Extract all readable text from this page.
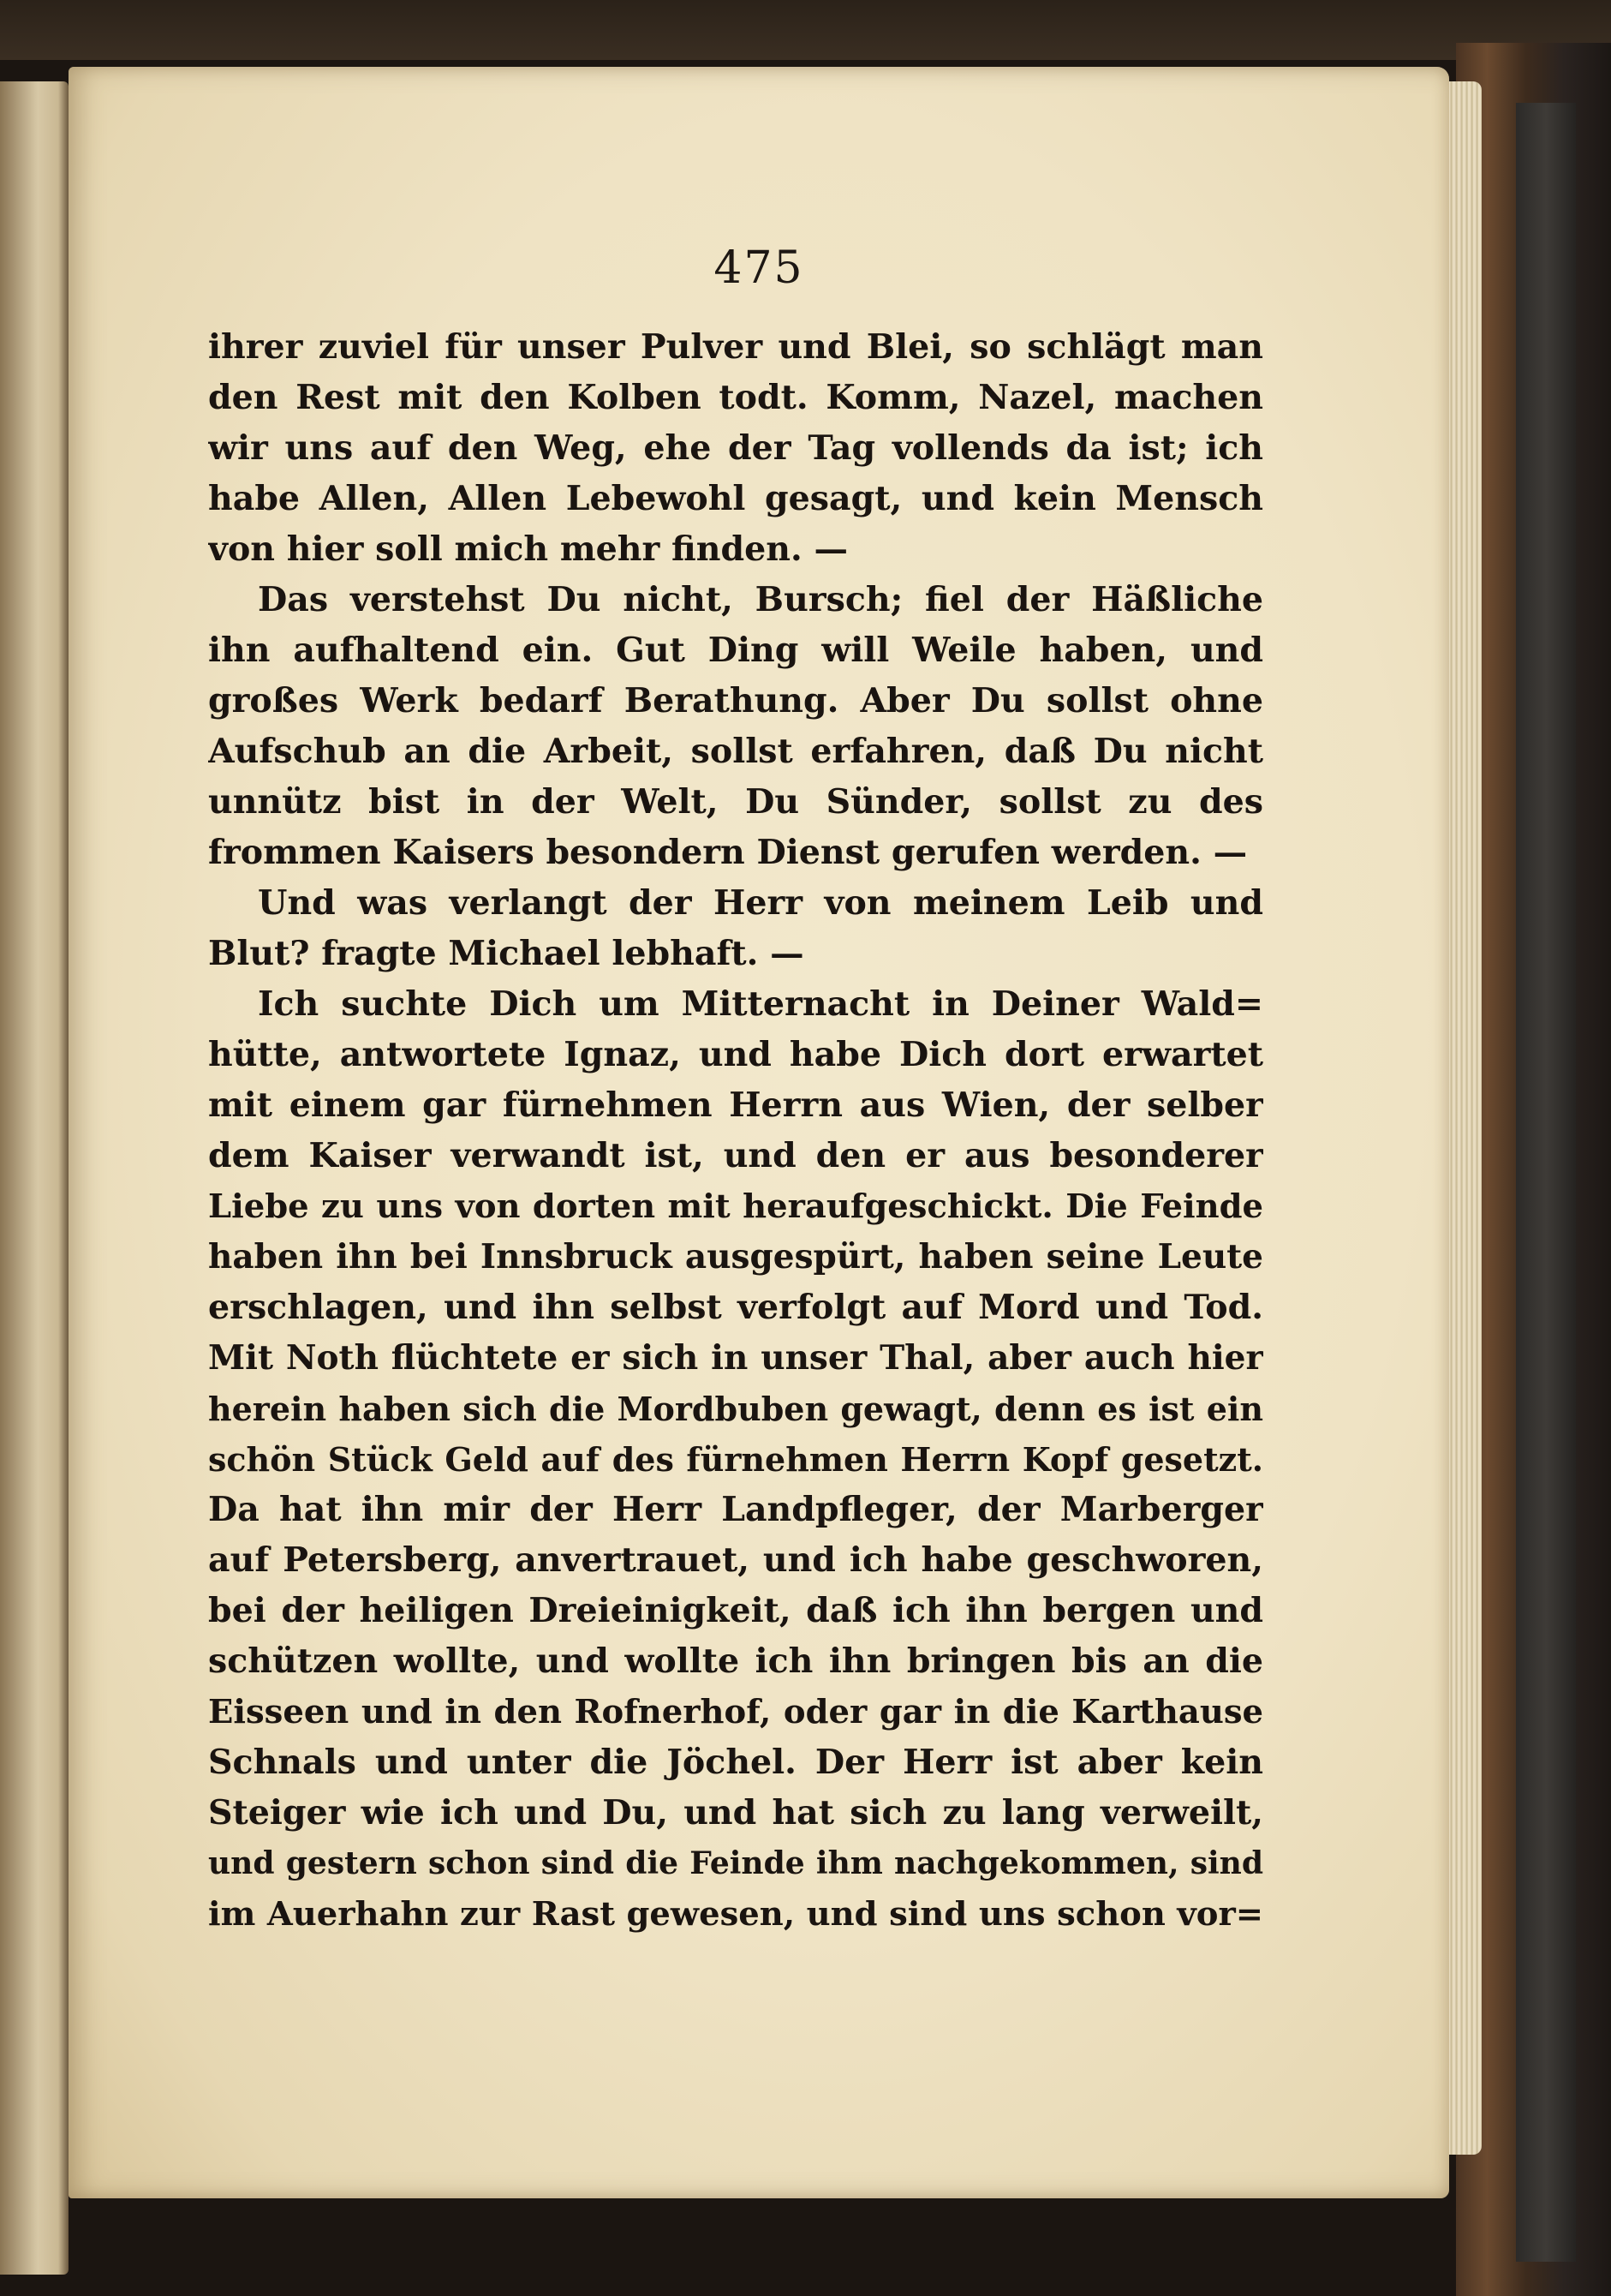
475
ihrer zuviel für unser Pulver und Blei, so schlägt man
den Rest mit den Kolben todt. Komm, Nazel, machen
wir uns auf den Weg, ehe der Tag vollends da ist; ich
habe Allen, Allen Lebewohl gesagt, und kein Mensch
von hier soll mich mehr finden. —
Das verstehst Du nicht, Bursch; fiel der Häßliche
ihn aufhaltend ein. Gut Ding will Weile haben, und
großes Werk bedarf Berathung. Aber Du sollst ohne
Aufschub an die Arbeit, sollst erfahren, daß Du nicht
unnütz bist in der Welt, Du Sünder, sollst zu des
frommen Kaisers besondern Dienst gerufen werden. —
Und was verlangt der Herr von meinem Leib und
Blut? fragte Michael lebhaft. —
Ich suchte Dich um Mitternacht in Deiner Wald=
hütte, antwortete Ignaz, und habe Dich dort erwartet
mit einem gar fürnehmen Herrn aus Wien, der selber
dem Kaiser verwandt ist, und den er aus besonderer
Liebe zu uns von dorten mit heraufgeschickt. Die Feinde
haben ihn bei Innsbruck ausgespürt, haben seine Leute
erschlagen, und ihn selbst verfolgt auf Mord und Tod.
Mit Noth flüchtete er sich in unser Thal, aber auch hier
herein haben sich die Mordbuben gewagt, denn es ist ein
schön Stück Geld auf des fürnehmen Herrn Kopf gesetzt.
Da hat ihn mir der Herr Landpfleger, der Marberger
auf Petersberg, anvertrauet, und ich habe geschworen,
bei der heiligen Dreieinigkeit, daß ich ihn bergen und
schützen wollte, und wollte ich ihn bringen bis an die
Eisseen und in den Rofnerhof, oder gar in die Karthause
Schnals und unter die Jöchel. Der Herr ist aber kein
Steiger wie ich und Du, und hat sich zu lang verweilt,
und gestern schon sind die Feinde ihm nachgekommen, sind
im Auerhahn zur Rast gewesen, und sind uns schon vor=
